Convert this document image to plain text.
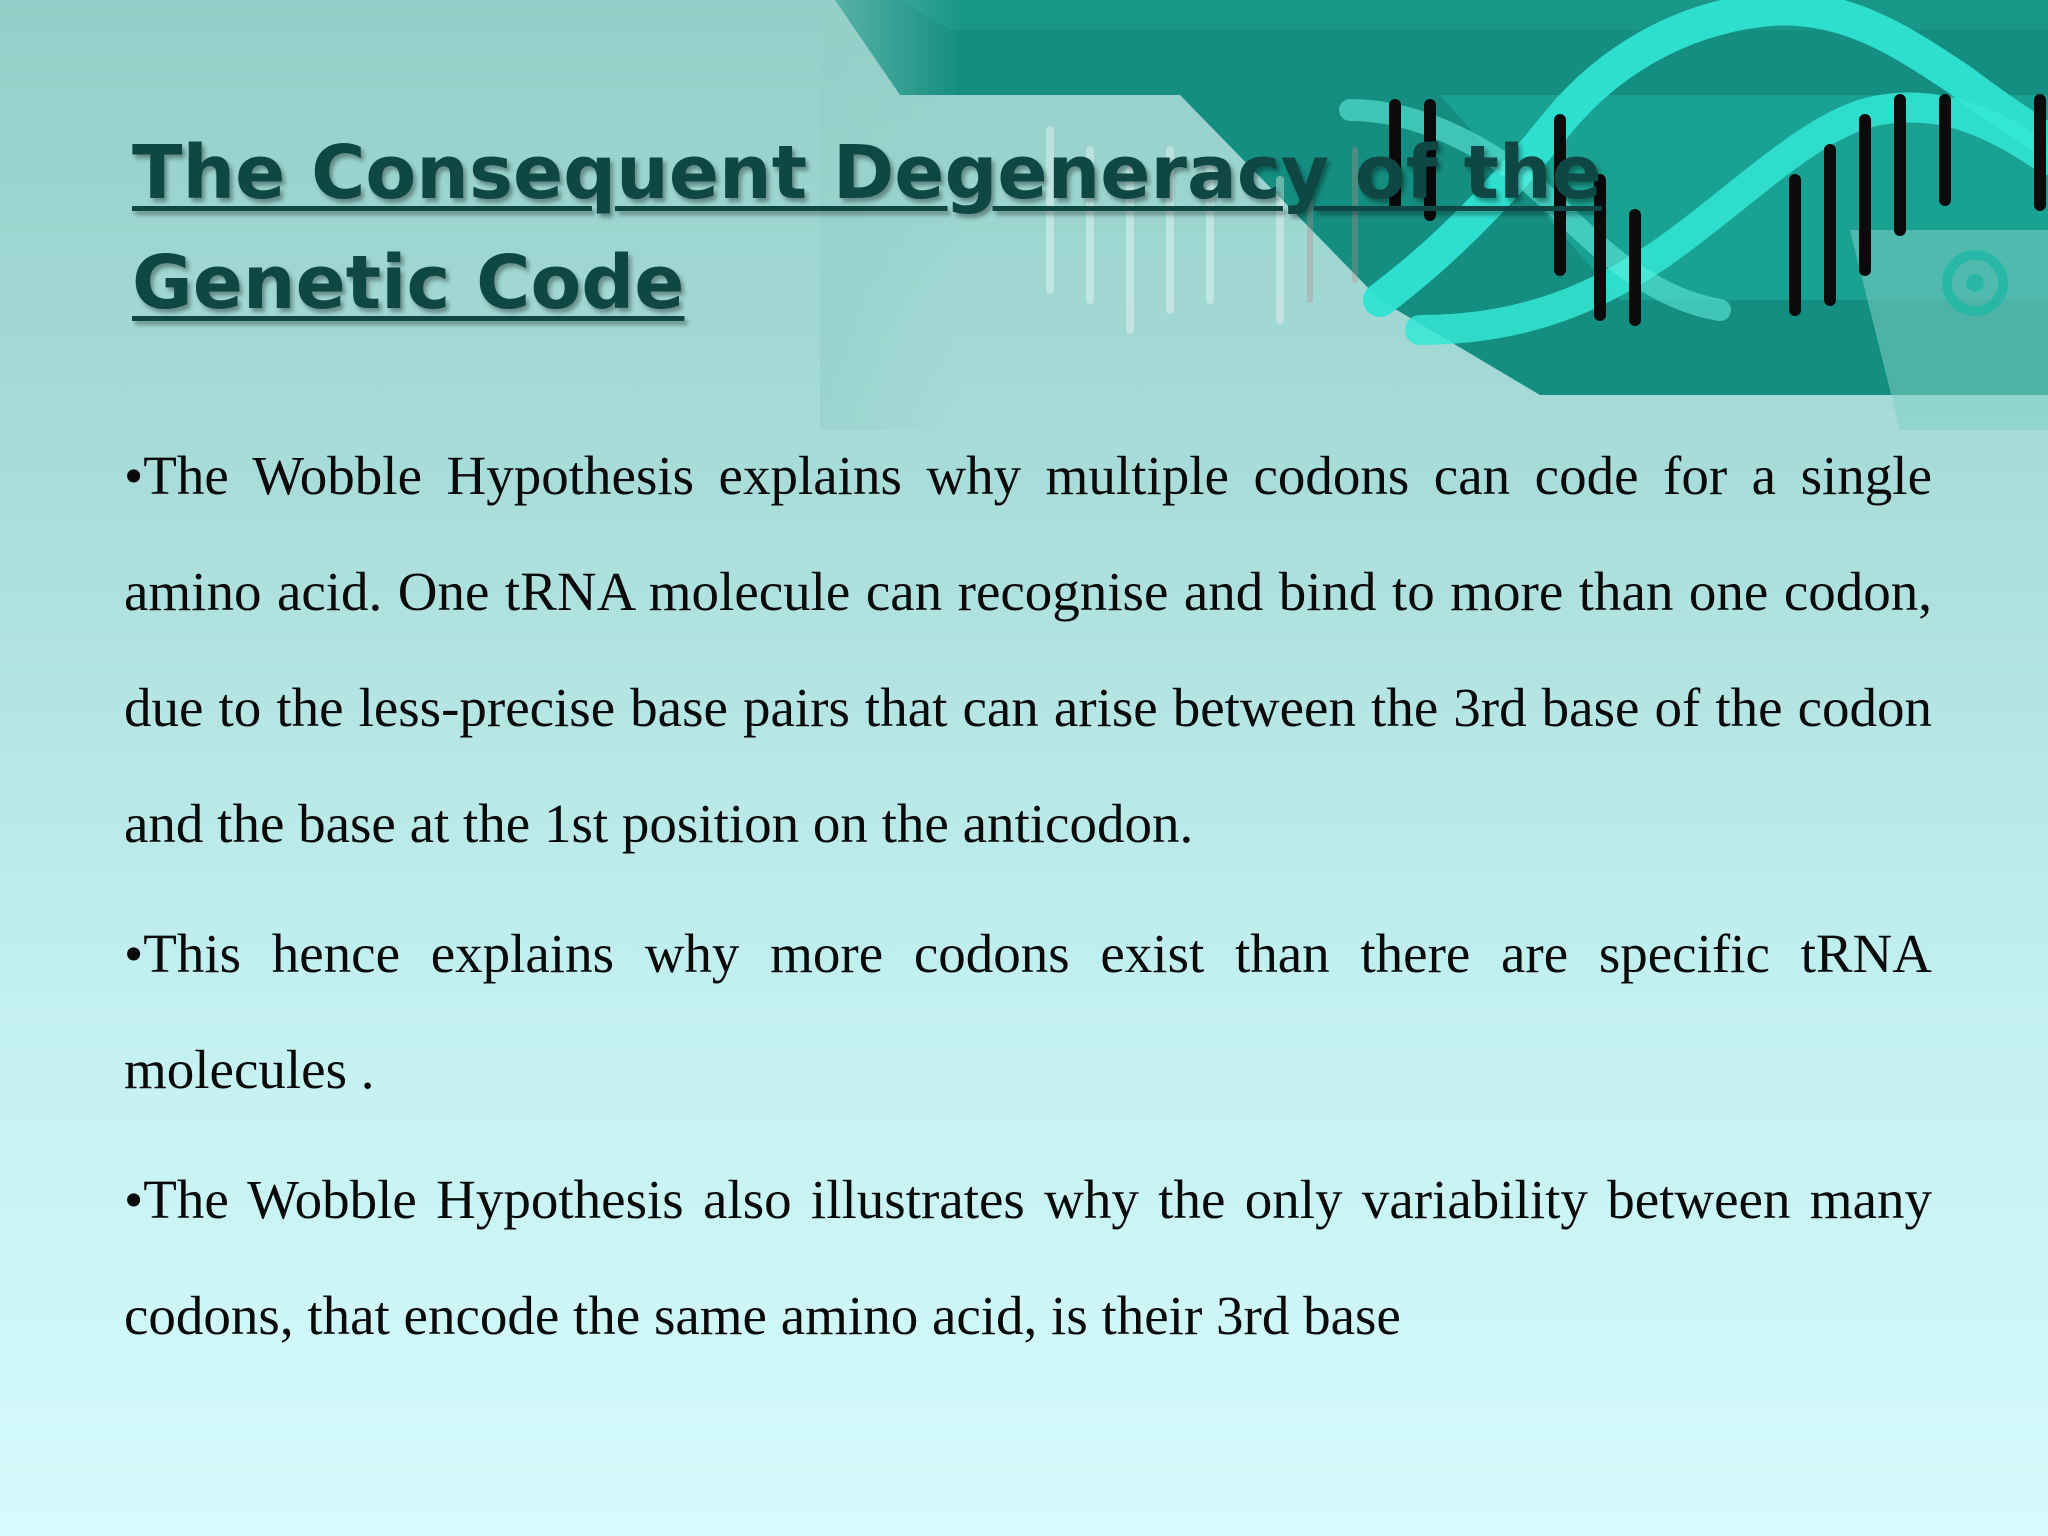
The Consequent Degeneracy of the Genetic Code

•The Wobble Hypothesis explains why multiple codons can code for a single amino acid. One tRNA molecule can recognise and bind to more than one codon, due to the less-precise base pairs that can arise between the 3rd base of the codon and the base at the 1st position on the anticodon.

•This hence explains why more codons exist than there are specific tRNA molecules .

•The Wobble Hypothesis also illustrates why the only variability between many codons, that encode the same amino acid, is their 3rd base
